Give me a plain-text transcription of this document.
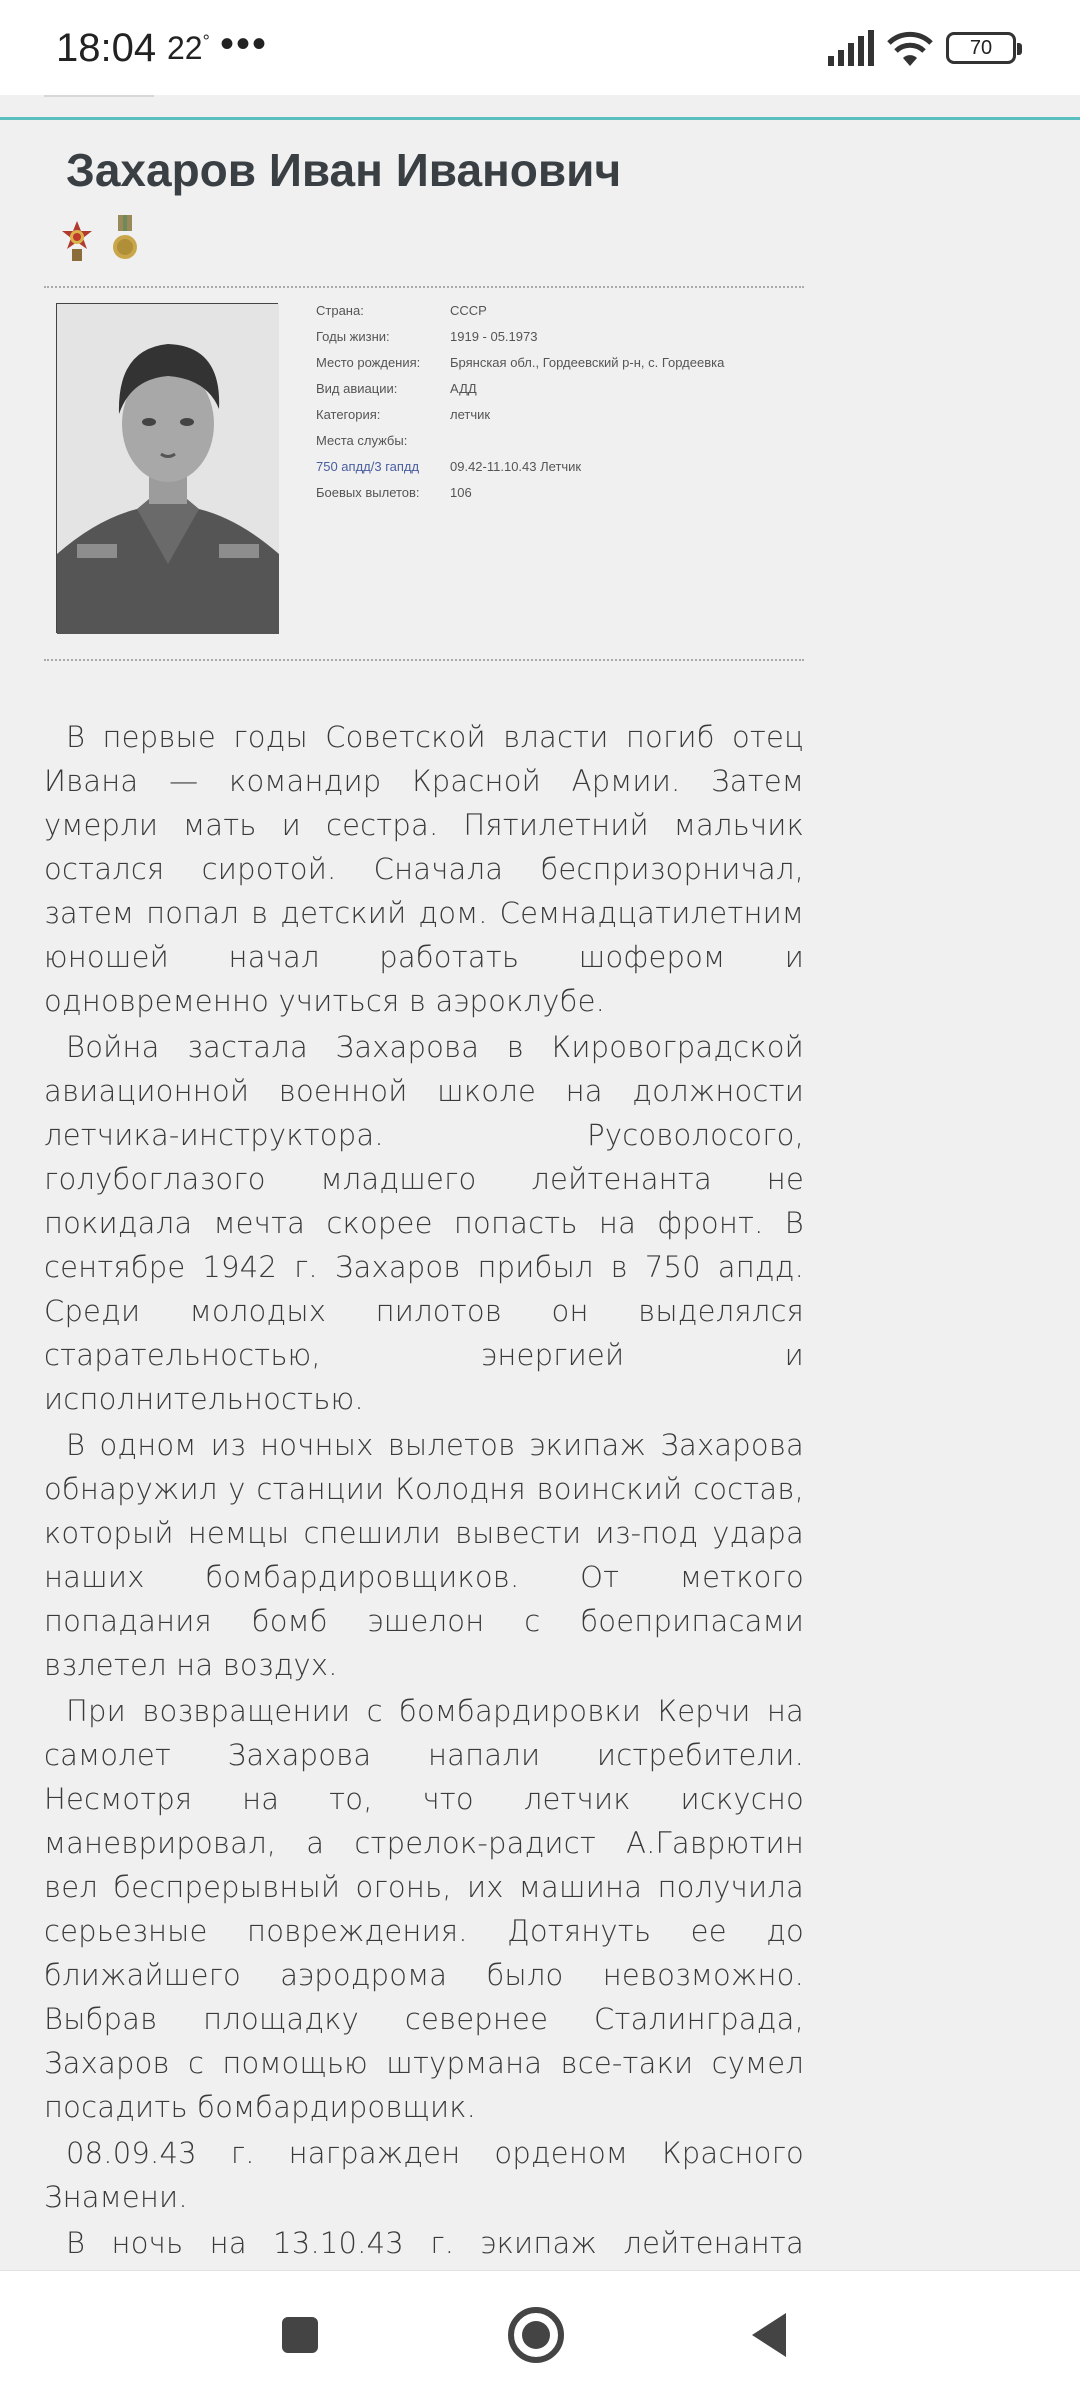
18:04 22° •••	70
Захаров Иван Иванович
Страна:	СССР
Годы жизни:	1919 - 05.1973
Место рождения:	Брянская обл., Гордеевский р-н, с. Гордеевка
Вид авиации:	АДД
Категория:	летчик
Места службы:
750 апдд/3 гапдд	09.42-11.10.43 Летчик
Боевых вылетов:	106

В первые годы Советской власти погиб отец Ивана — командир Красной Армии. Затем умерли мать и сестра. Пятилетний мальчик остался сиротой. Сначала беспризорничал, затем попал в детский дом. Семнадцатилетним юношей начал работать шофером и одновременно учиться в аэроклубе.

Война застала Захарова в Кировоградской авиационной военной школе на должности летчика-инструктора. Русоволосого, голубоглазого младшего лейтенанта не покидала мечта скорее попасть на фронт. В сентябре 1942 г. Захаров прибыл в 750 апдд. Среди молодых пилотов он выделялся старательностью, энергией и исполнительностью.

В одном из ночных вылетов экипаж Захарова обнаружил у станции Колодня воинский состав, который немцы спешили вывести из-под удара наших бомбардировщиков. От меткого попадания бомб эшелон с боеприпасами взлетел на воздух.

При возвращении с бомбардировки Керчи на самолет Захарова напали истребители. Несмотря на то, что летчик искусно маневрировал, а стрелок-радист А.Гаврютин вел беспрерывный огонь, их машина получила серьезные повреждения. Дотянуть ее до ближайшего аэродрома было невозможно. Выбрав площадку севернее Сталинграда, Захаров с помощью штурмана все-таки сумел посадить бомбардировщик.

08.09.43 г. награжден орденом Красного Знамени.

В ночь на 13.10.43 г. экипаж лейтенанта
